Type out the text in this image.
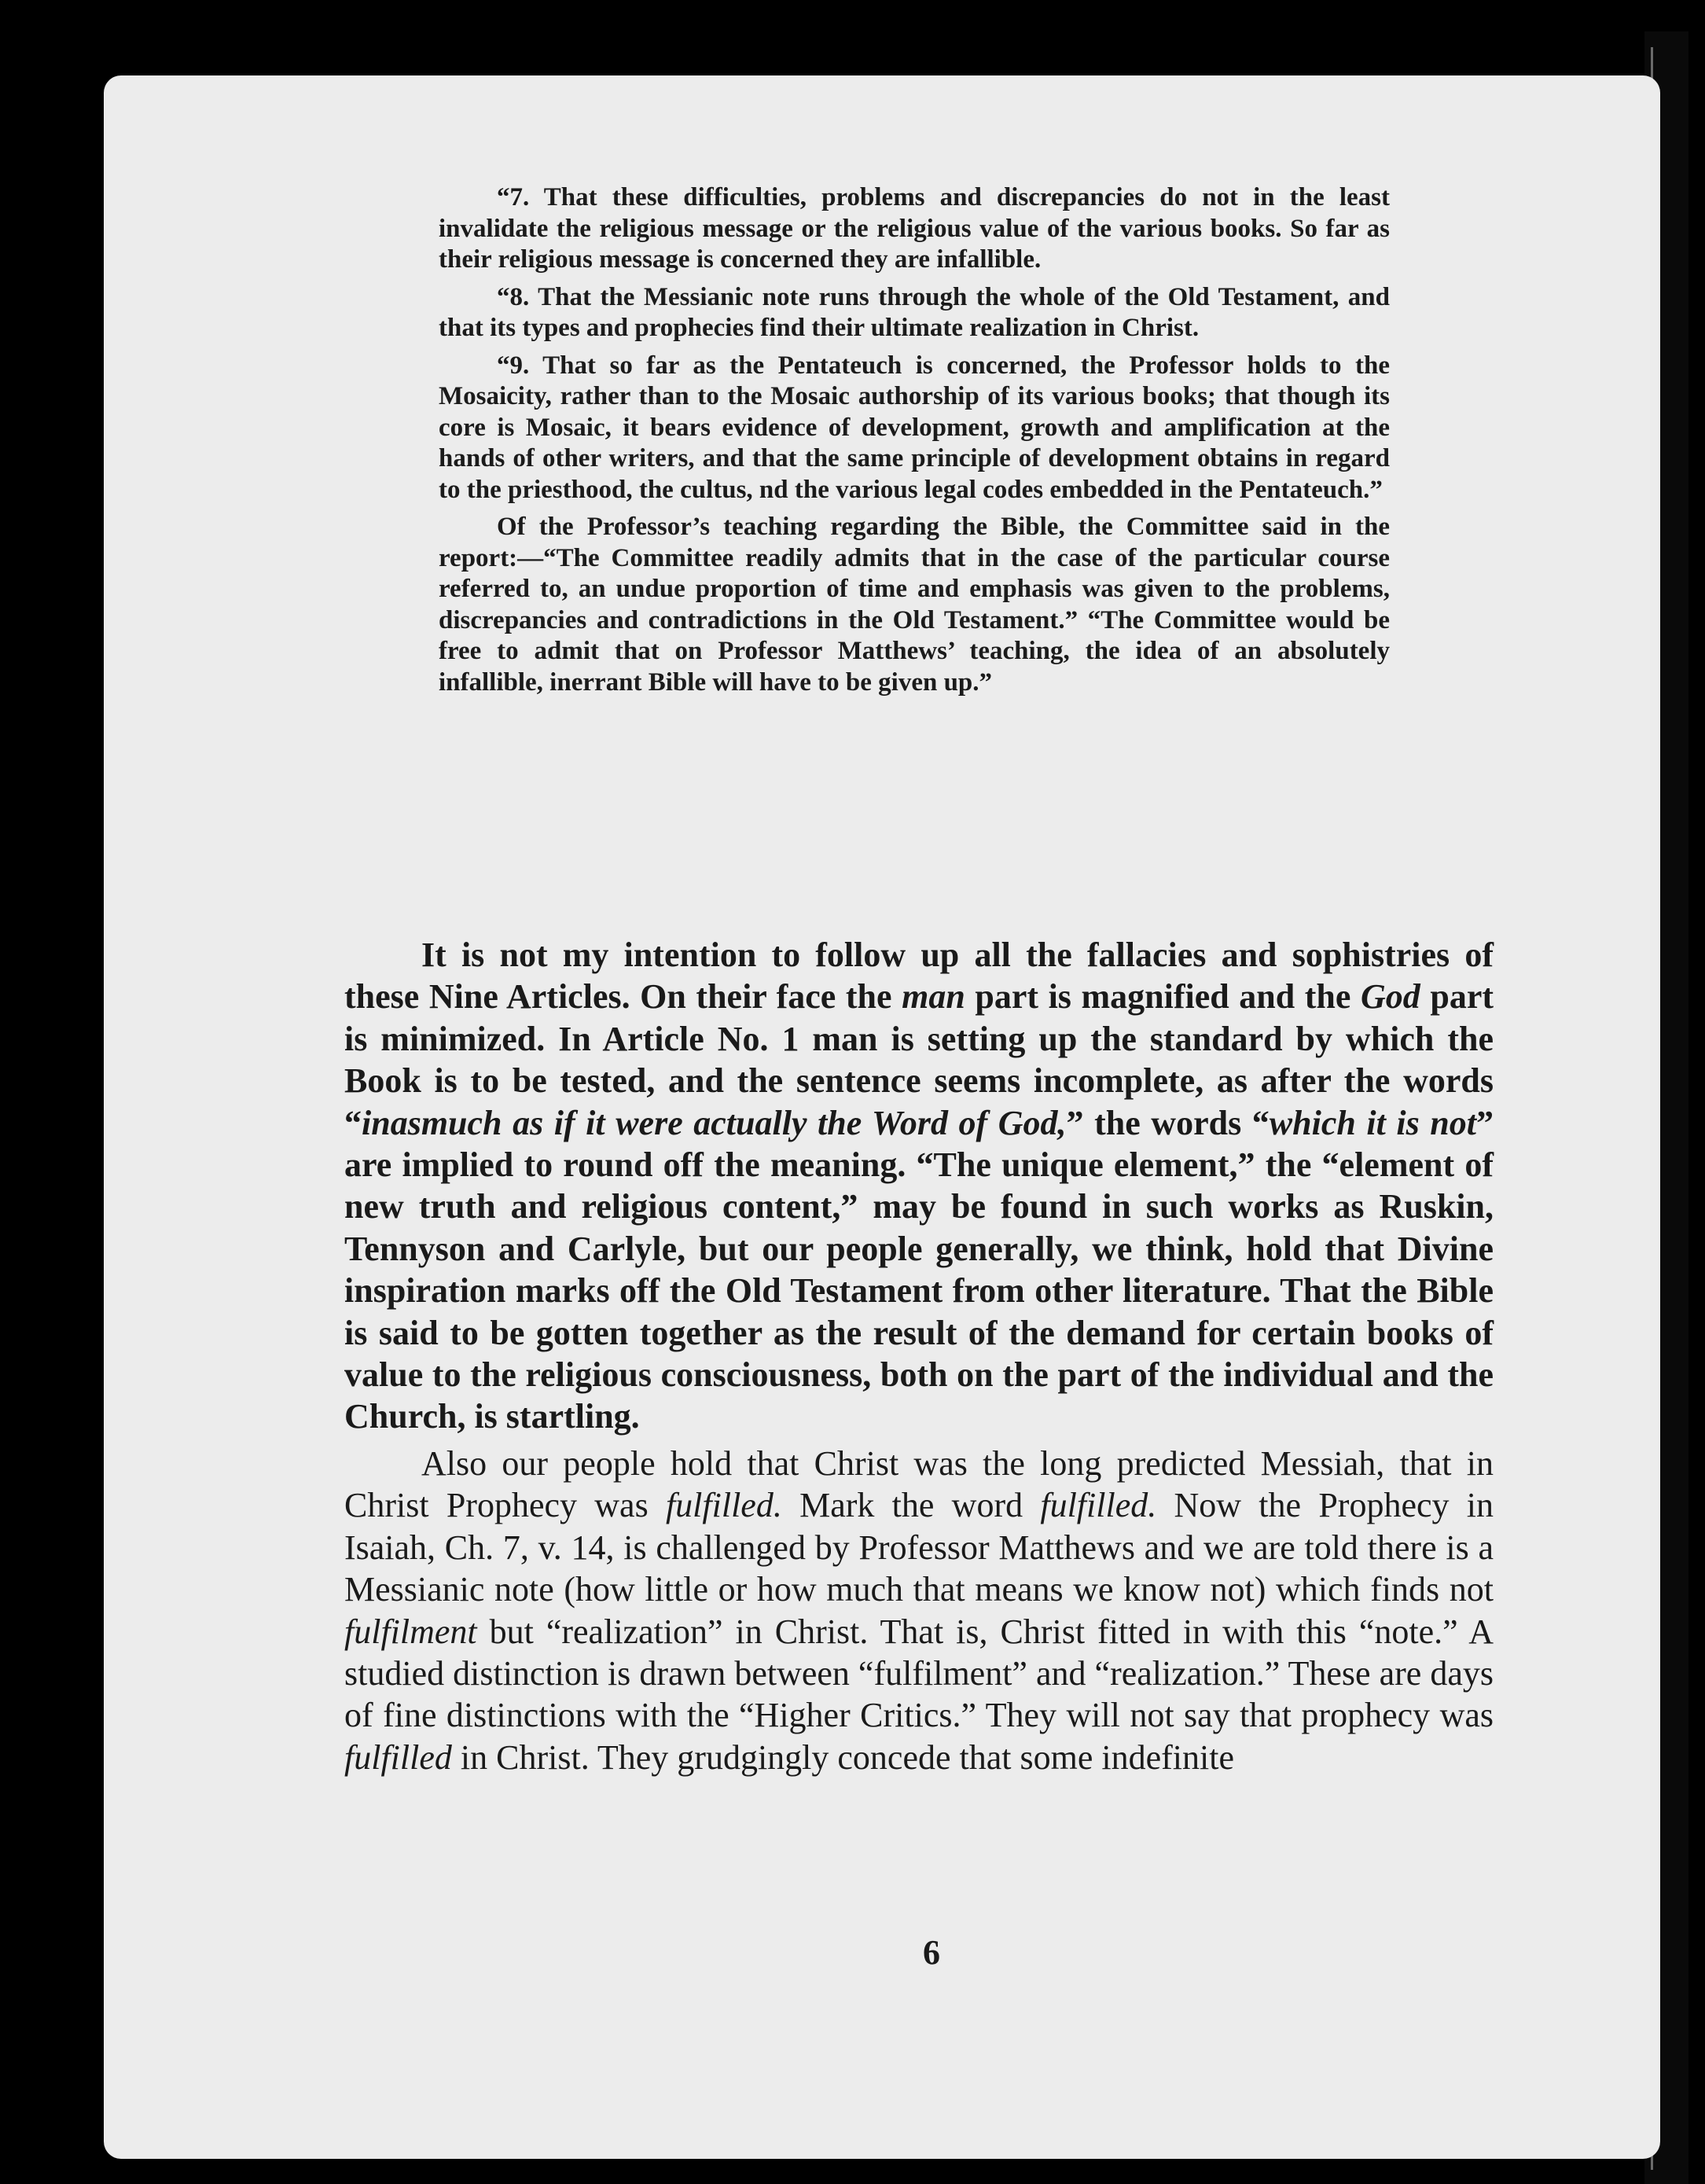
“7. That these difficulties, problems and discrepancies do not in the least invalidate the religious message or the religious value of the various books. So far as their religious message is concerned they are infallible.

“8. That the Messianic note runs through the whole of the Old Testament, and that its types and prophecies find their ultimate realization in Christ.

“9. That so far as the Pentateuch is concerned, the Professor holds to the Mosaicity, rather than to the Mosaic authorship of its various books; that though its core is Mosaic, it bears evidence of development, growth and amplification at the hands of other writers, and that the same principle of development obtains in regard to the priesthood, the cultus, nd the various legal codes embedded in the Pentateuch.”

Of the Professor’s teaching regarding the Bible, the Committee said in the report:—“The Committee readily admits that in the case of the particular course referred to, an undue proportion of time and emphasis was given to the problems, discrepancies and contradictions in the Old Testament.” “The Committee would be free to admit that on Professor Matthews’ teaching, the idea of an absolutely infallible, inerrant Bible will have to be given up.”

It is not my intention to follow up all the fallacies and sophistries of these Nine Articles. On their face the man part is magnified and the God part is minimized. In Article No. 1 man is setting up the standard by which the Book is to be tested, and the sentence seems incomplete, as after the words “inasmuch as if it were actually the Word of God,” the words “which it is not” are implied to round off the meaning. “The unique element,” the “element of new truth and religious content,” may be found in such works as Ruskin, Tennyson and Carlyle, but our people generally, we think, hold that Divine inspiration marks off the Old Testament from other literature. That the Bible is said to be gotten together as the result of the demand for certain books of value to the religious consciousness, both on the part of the individual and the Church, is startling.

Also our people hold that Christ was the long predicted Messiah, that in Christ Prophecy was fulfilled. Mark the word fulfilled. Now the Prophecy in Isaiah, Ch. 7, v. 14, is challenged by Professor Matthews and we are told there is a Messianic note (how little or how much that means we know not) which finds not fulfilment but “realization” in Christ. That is, Christ fitted in with this “note.” A studied distinction is drawn between “fulfilment” and “realization.” These are days of fine distinctions with the “Higher Critics.” They will not say that prophecy was fulfilled in Christ. They grudgingly concede that some indefinite

6
